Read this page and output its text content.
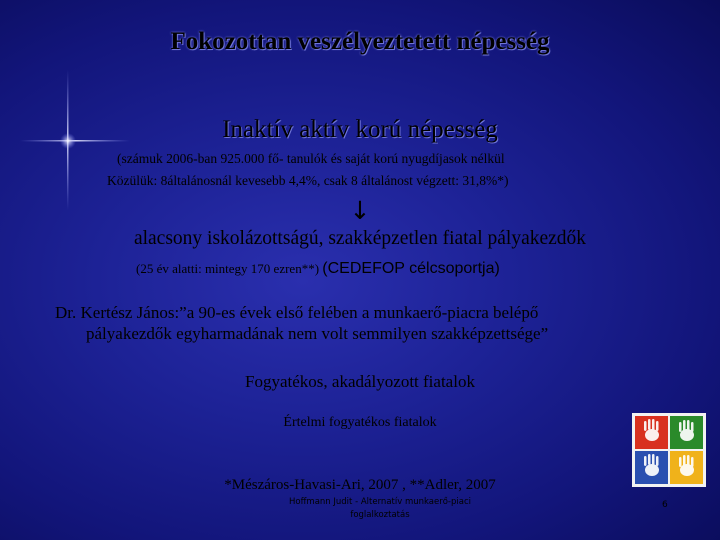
Fokozottan veszélyeztetett népesség
Inaktív aktív korú népesség
(számuk 2006-ban 925.000 fő- tanulók és saját korú nyugdíjasok nélkül
Közülük: 8általánosnál kevesebb 4,4%, csak 8 általánost végzett: 31,8%*)
↓
alacsony iskolázottságú, szakképzetlen fiatal pályakezdők
(25 év alatti: mintegy 170 ezren**) (CEDEFOP célcsoportja)
Dr. Kertész János:”a 90-es évek első felében a munkaerő-piacra belépő
pályakezdők egyharmadának nem volt semmilyen szakképzettsége”
Fogyatékos, akadályozott fiatalok
Értelmi fogyatékos fiatalok
*Mészáros-Havasi-Ari, 2007 , **Adler, 2007
Hoffmann Judit - Alternatív munkaerő-piaci foglalkoztatás
6
